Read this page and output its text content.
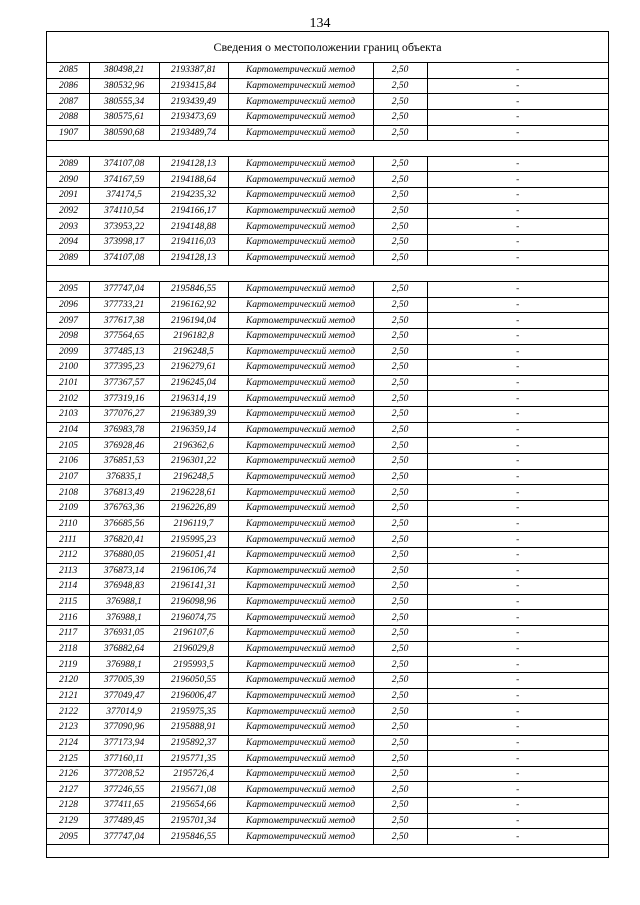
134
Сведения о местоположении границ объекта
2085	380498,21	2193387,81	Картометрический метод	2,50	-
2086	380532,96	2193415,84	Картометрический метод	2,50	-
2087	380555,34	2193439,49	Картометрический метод	2,50	-
2088	380575,61	2193473,69	Картометрический метод	2,50	-
1907	380590,68	2193489,74	Картометрический метод	2,50	-

2089	374107,08	2194128,13	Картометрический метод	2,50	-
2090	374167,59	2194188,64	Картометрический метод	2,50	-
2091	374174,5	2194235,32	Картометрический метод	2,50	-
2092	374110,54	2194166,17	Картометрический метод	2,50	-
2093	373953,22	2194148,88	Картометрический метод	2,50	-
2094	373998,17	2194116,03	Картометрический метод	2,50	-
2089	374107,08	2194128,13	Картометрический метод	2,50	-

2095	377747,04	2195846,55	Картометрический метод	2,50	-
2096	377733,21	2196162,92	Картометрический метод	2,50	-
2097	377617,38	2196194,04	Картометрический метод	2,50	-
2098	377564,65	2196182,8	Картометрический метод	2,50	-
2099	377485,13	2196248,5	Картометрический метод	2,50	-
2100	377395,23	2196279,61	Картометрический метод	2,50	-
2101	377367,57	2196245,04	Картометрический метод	2,50	-
2102	377319,16	2196314,19	Картометрический метод	2,50	-
2103	377076,27	2196389,39	Картометрический метод	2,50	-
2104	376983,78	2196359,14	Картометрический метод	2,50	-
2105	376928,46	2196362,6	Картометрический метод	2,50	-
2106	376851,53	2196301,22	Картометрический метод	2,50	-
2107	376835,1	2196248,5	Картометрический метод	2,50	-
2108	376813,49	2196228,61	Картометрический метод	2,50	-
2109	376763,36	2196226,89	Картометрический метод	2,50	-
2110	376685,56	2196119,7	Картометрический метод	2,50	-
2111	376820,41	2195995,23	Картометрический метод	2,50	-
2112	376880,05	2196051,41	Картометрический метод	2,50	-
2113	376873,14	2196106,74	Картометрический метод	2,50	-
2114	376948,83	2196141,31	Картометрический метод	2,50	-
2115	376988,1	2196098,96	Картометрический метод	2,50	-
2116	376988,1	2196074,75	Картометрический метод	2,50	-
2117	376931,05	2196107,6	Картометрический метод	2,50	-
2118	376882,64	2196029,8	Картометрический метод	2,50	-
2119	376988,1	2195993,5	Картометрический метод	2,50	-
2120	377005,39	2196050,55	Картометрический метод	2,50	-
2121	377049,47	2196006,47	Картометрический метод	2,50	-
2122	377014,9	2195975,35	Картометрический метод	2,50	-
2123	377090,96	2195888,91	Картометрический метод	2,50	-
2124	377173,94	2195892,37	Картометрический метод	2,50	-
2125	377160,11	2195771,35	Картометрический метод	2,50	-
2126	377208,52	2195726,4	Картометрический метод	2,50	-
2127	377246,55	2195671,08	Картометрический метод	2,50	-
2128	377411,65	2195654,66	Картометрический метод	2,50	-
2129	377489,45	2195701,34	Картометрический метод	2,50	-
2095	377747,04	2195846,55	Картометрический метод	2,50	-
